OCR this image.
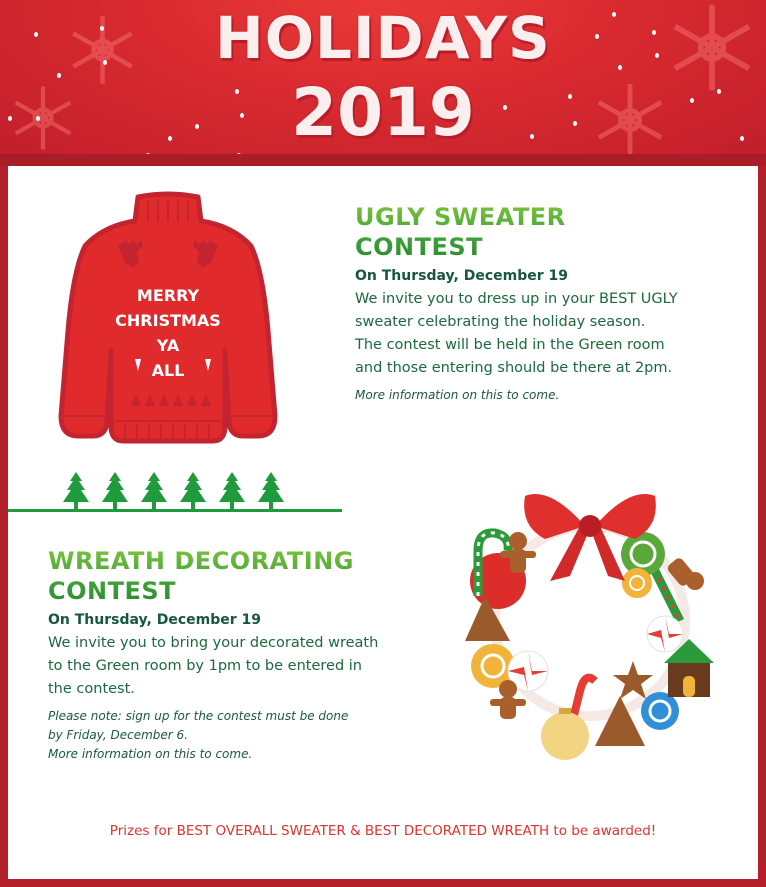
HOLIDAYS
2019
MERRY
CHRISTMAS
YA
ALL
UGLY SWEATER
CONTEST
On Thursday, December 19
We invite you to dress up in your BEST UGLY
sweater celebrating the holiday season.
The contest will be held in the Green room
and those entering should be there at 2pm.
More information on this to come.
WREATH DECORATING
CONTEST
On Thursday, December 19
We invite you to bring your decorated wreath
to the Green room by 1pm to be entered in
the contest.
Please note: sign up for the contest must be done
by Friday, December 6.
More information on this to come.
Prizes for BEST OVERALL SWEATER & BEST DECORATED WREATH to be awarded!
